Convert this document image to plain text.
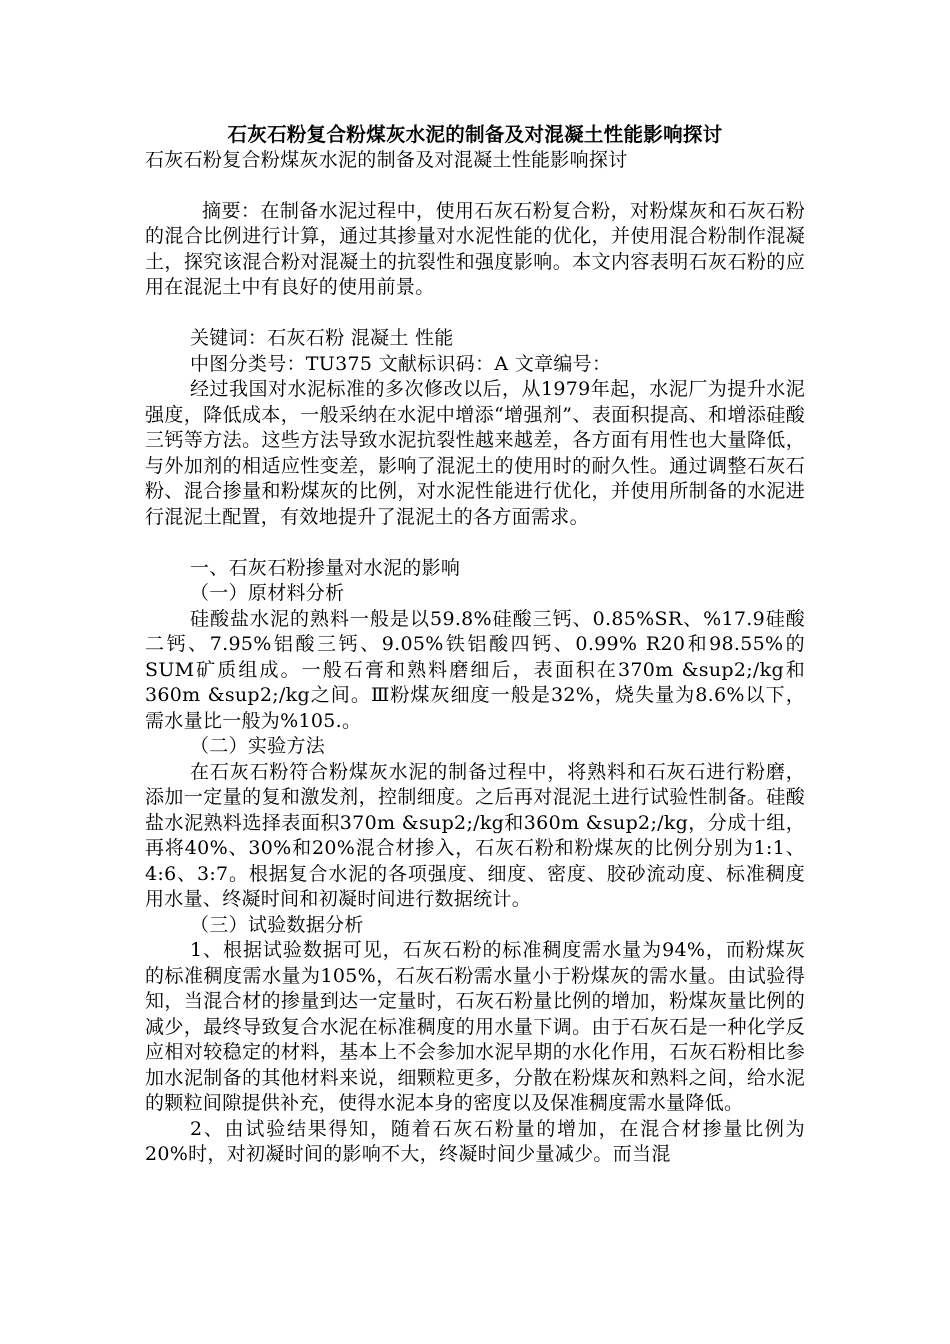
石灰石粉复合粉煤灰水泥的制备及对混凝土性能影响探讨

石灰石粉复合粉煤灰水泥的制备及对混凝土性能影响探讨

摘要：在制备水泥过程中，使用石灰石粉复合粉，对粉煤灰和石灰石粉的混合比例进行计算，通过其掺量对水泥性能的优化，并使用混合粉制作混凝土，探究该混合粉对混凝土的抗裂性和强度影响。本文内容表明石灰石粉的应用在混泥土中有良好的使用前景。

关键词：石灰石粉 混凝土 性能

中图分类号：TU375 文献标识码：A 文章编号：

经过我国对水泥标准的多次修改以后，从1979年起，水泥厂为提升水泥强度，降低成本，一般采纳在水泥中增添“增强剂”、表面积提高、和增添硅酸三钙等方法。这些方法导致水泥抗裂性越来越差，各方面有用性也大量降低，与外加剂的相适应性变差，影响了混泥土的使用时的耐久性。通过调整石灰石粉、混合掺量和粉煤灰的比例，对水泥性能进行优化，并使用所制备的水泥进行混泥土配置，有效地提升了混泥土的各方面需求。

一、石灰石粉掺量对水泥的影响

（一）原材料分析

硅酸盐水泥的熟料一般是以59.8%硅酸三钙、0.85%SR、%17.9硅酸二钙、7.95%铝酸三钙、9.05%铁铝酸四钙、0.99% R20和98.55%的SUM矿质组成。一般石膏和熟料磨细后，表面积在370m &sup2;/kg和360m &sup2;/kg之间。Ⅲ粉煤灰细度一般是32%，烧失量为8.6%以下，需水量比一般为%105.。

（二）实验方法

在石灰石粉符合粉煤灰水泥的制备过程中，将熟料和石灰石进行粉磨，添加一定量的复和激发剂，控制细度。之后再对混泥土进行试验性制备。硅酸盐水泥熟料选择表面积370m &sup2;/kg和360m &sup2;/kg，分成十组，再将40%、30%和20%混合材掺入，石灰石粉和粉煤灰的比例分别为1:1、4:6、3:7。根据复合水泥的各项强度、细度、密度、胶砂流动度、标准稠度用水量、终凝时间和初凝时间进行数据统计。

（三）试验数据分析

1、根据试验数据可见，石灰石粉的标准稠度需水量为94%，而粉煤灰的标准稠度需水量为105%，石灰石粉需水量小于粉煤灰的需水量。由试验得知，当混合材的掺量到达一定量时，石灰石粉量比例的增加，粉煤灰量比例的减少，最终导致复合水泥在标准稠度的用水量下调。由于石灰石是一种化学反应相对较稳定的材料，基本上不会参加水泥早期的水化作用，石灰石粉相比参加水泥制备的其他材料来说，细颗粒更多，分散在粉煤灰和熟料之间，给水泥的颗粒间隙提供补充，使得水泥本身的密度以及保准稠度需水量降低。

2、由试验结果得知，随着石灰石粉量的增加，在混合材掺量比例为20%时，对初凝时间的影响不大，终凝时间少量减少。而当混
